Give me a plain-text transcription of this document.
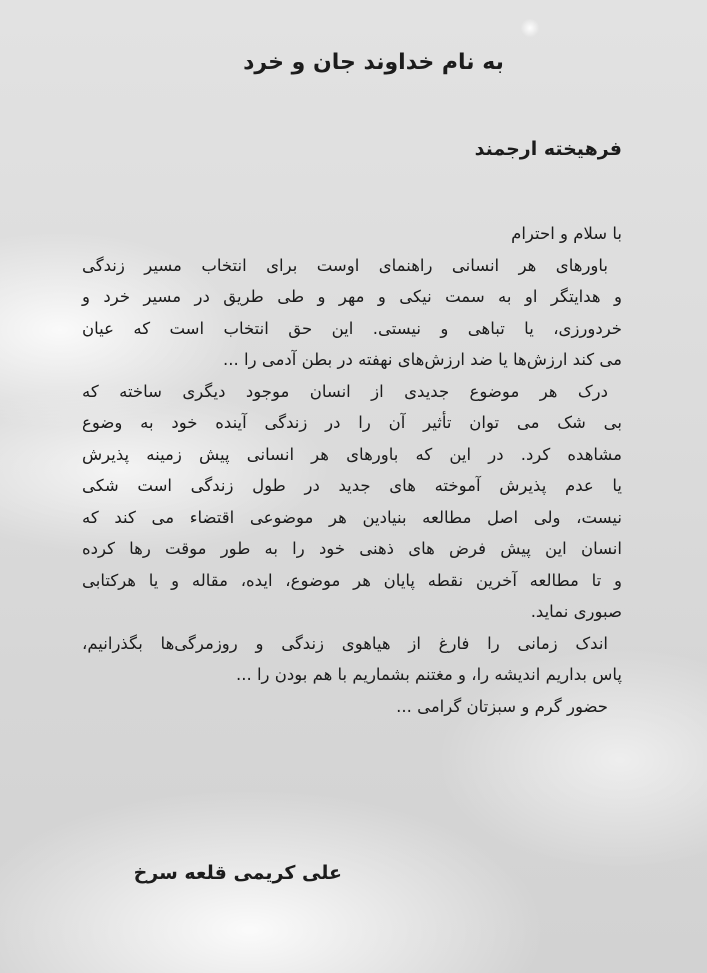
به نام خداوند جان و خرد
فرهیخته ارجمند
با سلام و احترام
باورهای هر انسانی راهنمای اوست برای انتخاب مسیر زندگی
و هدایتگر او به سمت نیکی و مهر و طی طریق در مسیر خرد و
خردورزی، یا تباهی و نیستی. این حق انتخاب است که عیان
می کند ارزش‌ها یا ضد ارزش‌های نهفته در بطن آدمی را ...
درک هر موضوع جدیدی از انسان موجود دیگری ساخته که
بی شک می توان تأثیر آن را در زندگی آینده خود به وضوع
مشاهده کرد. در این که باورهای هر انسانی پیش زمینه پذیرش
یا عدم پذیرش آموخته های جدید در طول زندگی است شکی
نیست، ولی اصل مطالعه بنیادین هر موضوعی اقتضاء می کند که
انسان این پیش فرض های ذهنی خود را به طور موقت رها کرده
و تا مطالعه آخرین نقطه پایان هر موضوع، ایده، مقاله و یا هرکتابی
صبوری نماید.
اندک زمانی را فارغ از هیاهوی زندگی و روزمرگی‌ها بگذرانیم،
پاس بداریم اندیشه را، و مغتنم بشماریم با هم بودن را ...
حضور گرم و سبزتان گرامی ...
علی کریمی قلعه سرخ
